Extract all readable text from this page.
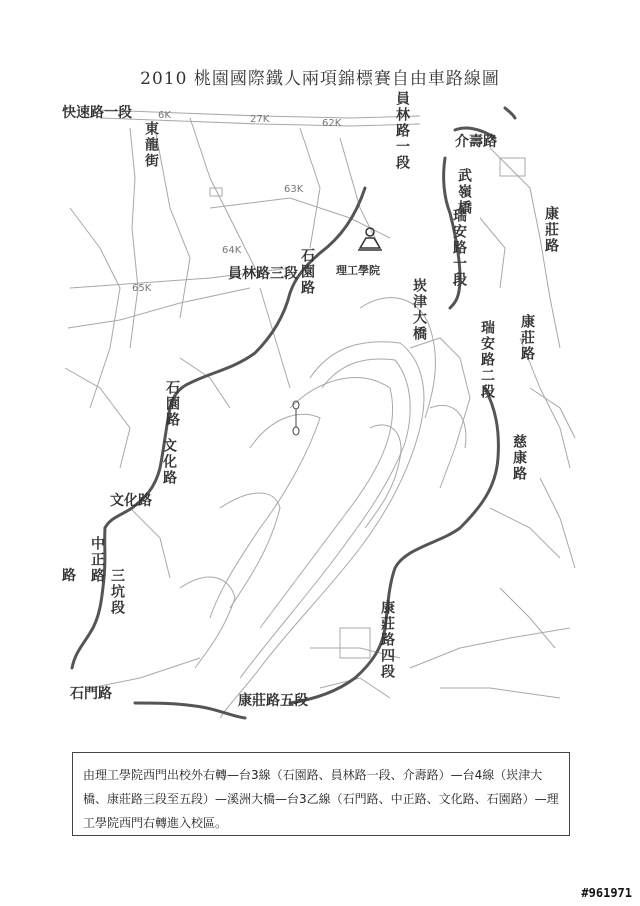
2010 桃園國際鐵人兩項錦標賽自由車路線圖
理工學院
快速路一段
東龍街	介壽路
員林路一段
武嶺橋
瑞安路一段	康莊路
員林路三段 石園路
崁津大橋
瑞安路二段 康莊路
慈康路
石園路
文化路
文化路
中正路
三坑段
康莊路四段
石門路	康莊路五段
路
6K	27K	62K
63K
64K
65K
由理工學院西門出校外右轉—台3線（石園路、員林路一段、介壽路）—台4線（崁津大橋、康莊路三段至五段）—溪洲大橋—台3乙線（石門路、中正路、文化路、石園路）—理工學院西門右轉進入校區。
#961971
